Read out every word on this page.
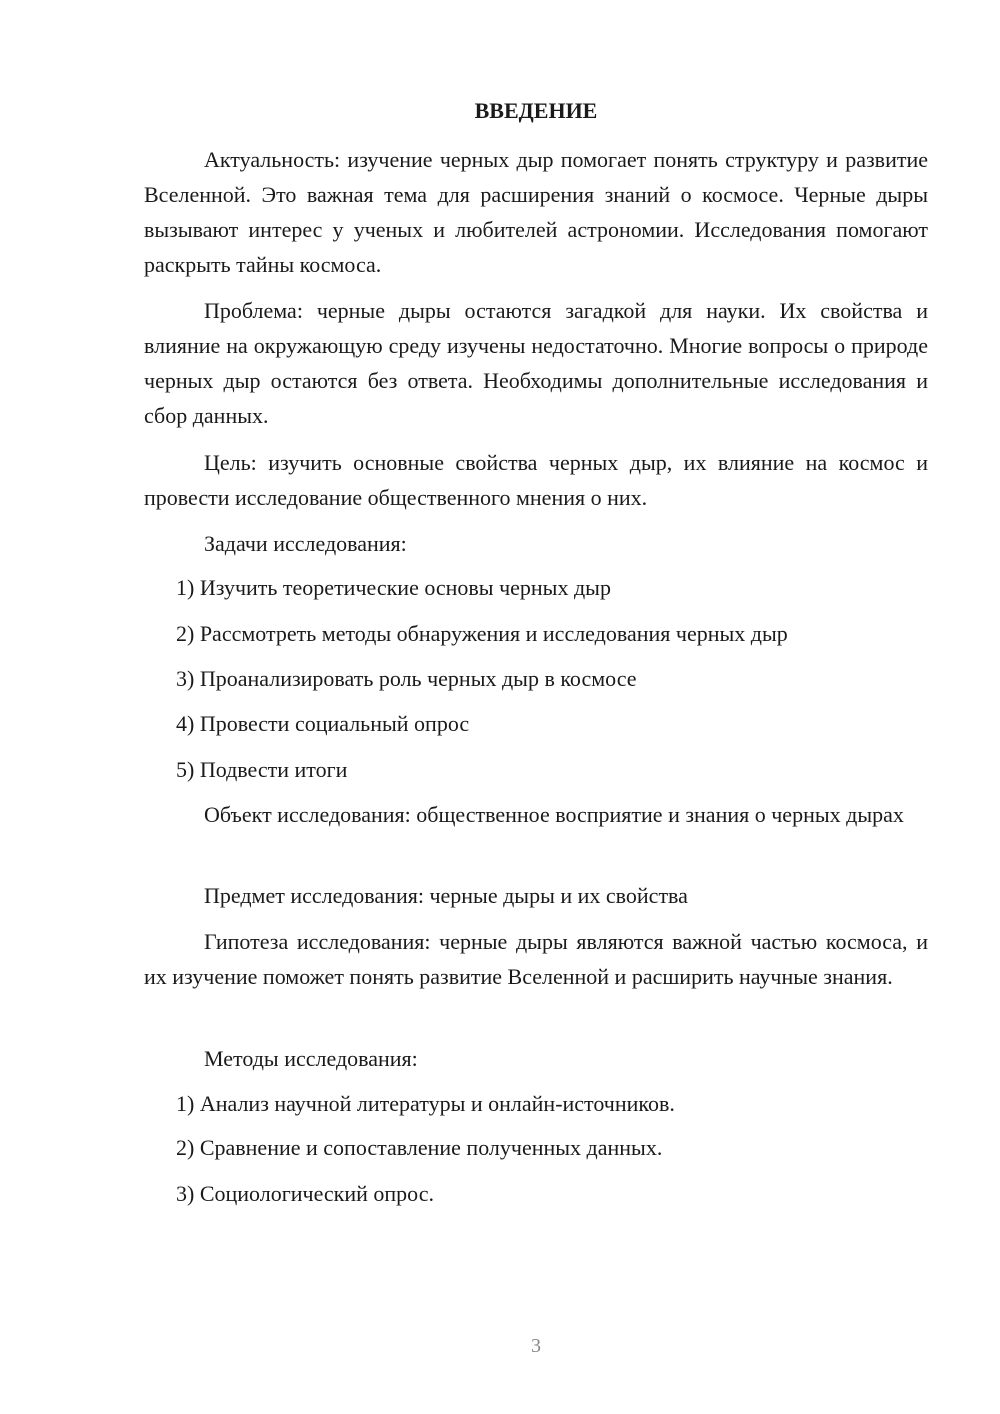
ВВЕДЕНИЕ

Актуальность: изучение черных дыр помогает понять структуру и развитие Вселенной. Это важная тема для расширения знаний о космосе. Черные дыры вызывают интерес у ученых и любителей астрономии. Исследования помогают раскрыть тайны космоса.

Проблема: черные дыры остаются загадкой для науки. Их свойства и влияние на окружающую среду изучены недостаточно. Многие вопросы о природе черных дыр остаются без ответа. Необходимы дополнительные исследования и сбор данных.

Цель: изучить основные свойства черных дыр, их влияние на космос и провести исследование общественного мнения о них.

Задачи исследования:

1) Изучить теоретические основы черных дыр

2) Рассмотреть методы обнаружения и исследования черных дыр

3) Проанализировать роль черных дыр в космосе

4) Провести социальный опрос

5) Подвести итоги

Объект исследования: общественное восприятие и знания о черных дырах

Предмет исследования: черные дыры и их свойства

Гипотеза исследования: черные дыры являются важной частью космоса, и их изучение поможет понять развитие Вселенной и расширить научные знания.

Методы исследования:

1) Анализ научной литературы и онлайн-источников.

2) Сравнение и сопоставление полученных данных.

3) Социологический опрос.

3
